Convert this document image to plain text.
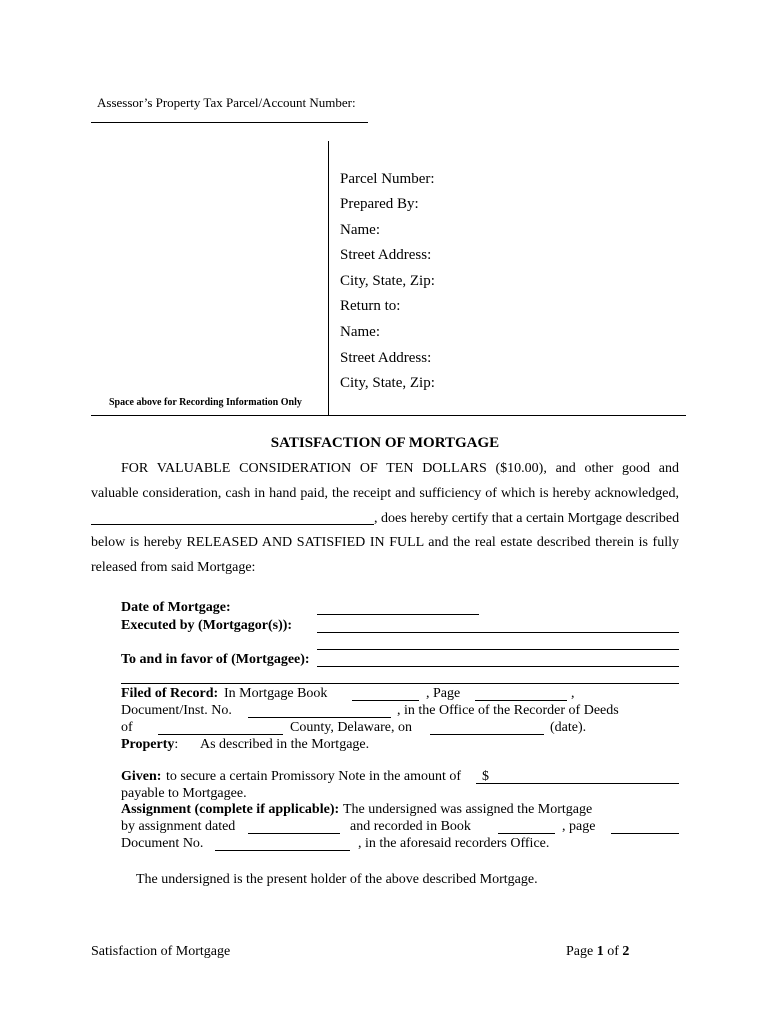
Assessor’s Property Tax Parcel/Account Number:
Space above for Recording Information Only
Parcel Number:
Prepared By:
Name:
Street Address:
City, State, Zip:
Return to:
Name:
Street Address:
City, State, Zip:
SATISFACTION OF MORTGAGE
FOR VALUABLE CONSIDERATION OF TEN DOLLARS ($10.00), and other good and
valuable consideration, cash in hand paid, the receipt and sufficiency of which is hereby acknowledged,
, does hereby certify that a certain Mortgage described
below is hereby RELEASED AND SATISFIED IN FULL and the real estate described therein is fully
released from said Mortgage:
Date of Mortgage:
Executed by (Mortgagor(s)):
To and in favor of (Mortgagee):
Filed of Record: In Mortgage Book	, Page	,
Document/Inst. No.	, in the Office of the Recorder of Deeds
of	County, Delaware, on	(date).
Property: As described in the Mortgage.
Given: to secure a certain Promissory Note in the amount of $
payable to Mortgagee.
Assignment (complete if applicable): The undersigned was assigned the Mortgage
by assignment dated	and recorded in Book	, page
Document No.	, in the aforesaid recorders Office.
The undersigned is the present holder of the above described Mortgage.
Satisfaction of Mortgage	Page 1 of 2
